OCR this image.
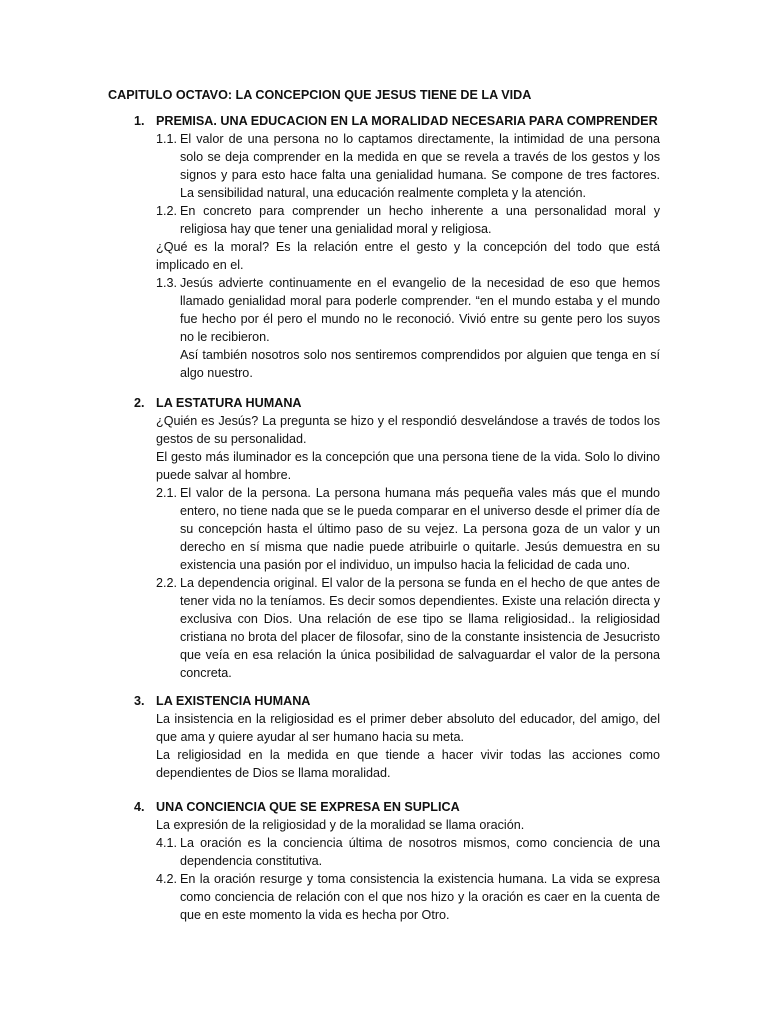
CAPITULO OCTAVO: LA CONCEPCION QUE JESUS TIENE DE LA VIDA
1. PREMISA. UNA EDUCACION EN LA MORALIDAD NECESARIA PARA COMPRENDER
1.1. El valor de una persona no lo captamos directamente, la intimidad de una persona solo se deja comprender en la medida en que se revela a través de los gestos y los signos y para esto hace falta una genialidad humana. Se compone de tres factores. La sensibilidad natural, una educación realmente completa y la atención.
1.2. En concreto para comprender un hecho inherente a una personalidad moral y religiosa hay que tener una genialidad moral y religiosa.

¿Qué es la moral? Es la relación entre el gesto y la concepción del todo que está implicado en el.

1.3. Jesús advierte continuamente en el evangelio de la necesidad de eso que hemos llamado genialidad moral para poderle comprender. “en el mundo estaba y el mundo fue hecho por él pero el mundo no le reconoció. Vivió entre su gente pero los suyos no le recibieron.
Así también nosotros solo nos sentiremos comprendidos por alguien que tenga en sí algo nuestro.
2. LA ESTATURA HUMANA

¿Quién es Jesús? La pregunta se hizo y el respondió desvelándose a través de todos los gestos de su personalidad.

El gesto más iluminador es la concepción que una persona tiene de la vida. Solo lo divino puede salvar al hombre.

2.1. El valor de la persona. La persona humana más pequeña vales más que el mundo entero, no tiene nada que se le pueda comparar en el universo desde el primer día de su concepción hasta el último paso de su vejez. La persona goza de un valor y un derecho en sí misma que nadie puede atribuirle o quitarle. Jesús demuestra en su existencia una pasión por el individuo, un impulso hacia la felicidad de cada uno.
2.2. La dependencia original. El valor de la persona se funda en el hecho de que antes de tener vida no la teníamos. Es decir somos dependientes. Existe una relación directa y exclusiva con Dios. Una relación de ese tipo se llama religiosidad.. la religiosidad cristiana no brota del placer de filosofar, sino de la constante insistencia de Jesucristo que veía en esa relación la única posibilidad de salvaguardar el valor de la persona concreta.
3. LA EXISTENCIA HUMANA

La insistencia en la religiosidad es el primer deber absoluto del educador, del amigo, del que ama y quiere ayudar al ser humano hacia su meta.

La religiosidad en la medida en que tiende a hacer vivir todas las acciones como dependientes de Dios se llama moralidad.

4. UNA CONCIENCIA QUE SE EXPRESA EN SUPLICA

La expresión de la religiosidad y de la moralidad se llama oración.

4.1. La oración es la conciencia última de nosotros mismos, como conciencia de una dependencia constitutiva.
4.2. En la oración resurge y toma consistencia la existencia humana. La vida se expresa como conciencia de relación con el que nos hizo y la oración es caer en la cuenta de que en este momento la vida es hecha por Otro.
